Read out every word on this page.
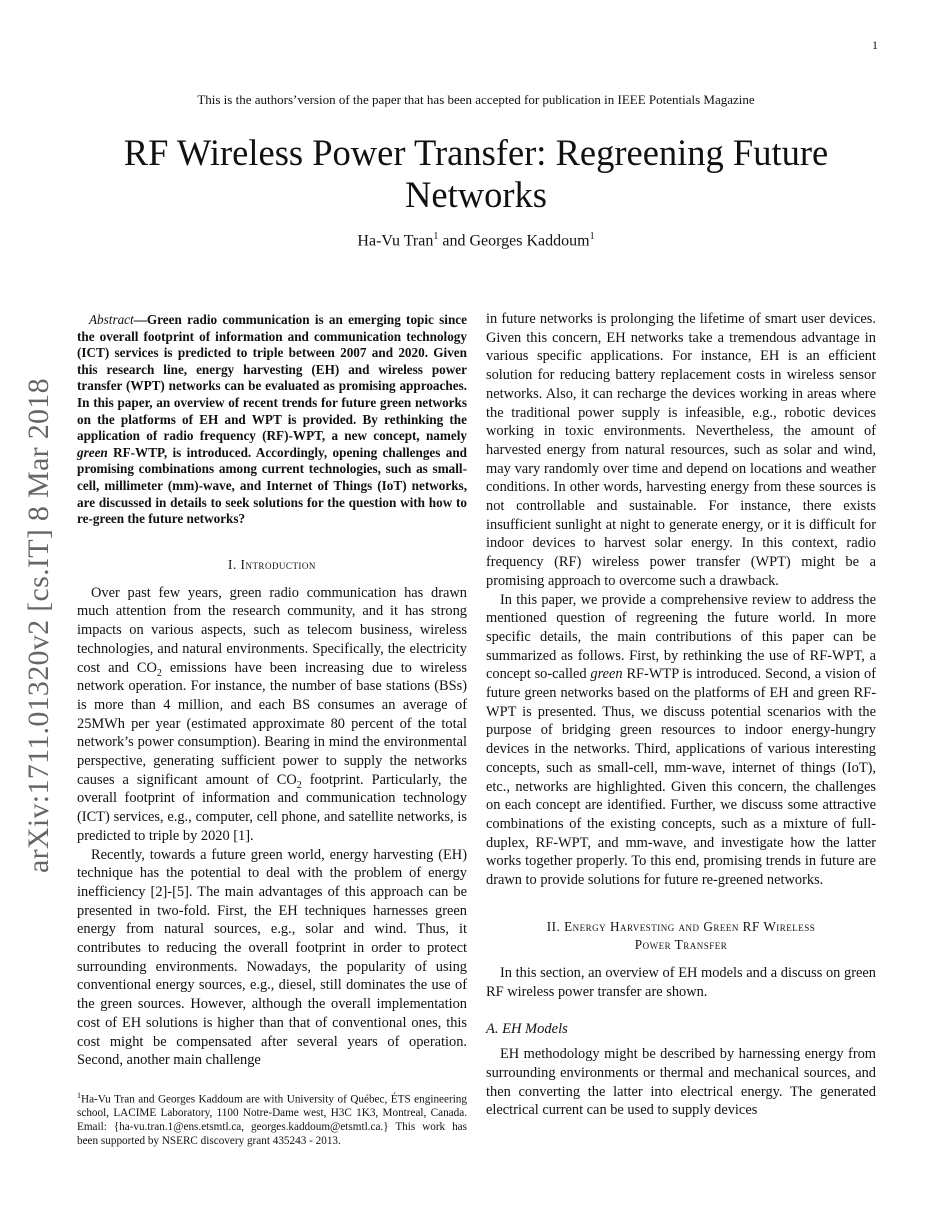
1
This is the authors’version of the paper that has been accepted for publication in IEEE Potentials Magazine
RF Wireless Power Transfer: Regreening Future Networks
Ha-Vu Tran$^1$ and Georges Kaddoum$^1$
arXiv:1711.01320v2 [cs.IT] 8 Mar 2018

Abstract—Green radio communication is an emerging topic since the overall footprint of information and communication technology (ICT) services is predicted to triple between 2007 and 2020. Given this research line, energy harvesting (EH) and wireless power transfer (WPT) networks can be evaluated as promising approaches. In this paper, an overview of recent trends for future green networks on the platforms of EH and WPT is provided. By rethinking the application of radio frequency (RF)-WPT, a new concept, namely green RF-WTP, is introduced. Accordingly, opening challenges and promising combinations among current technologies, such as small-cell, millimeter (mm)-wave, and Internet of Things (IoT) networks, are discussed in details to seek solutions for the question with how to re-green the future networks?

I. Introduction

Over past few years, green radio communication has drawn much attention from the research community, and it has strong impacts on various aspects, such as telecom business, wireless technologies, and natural environments. Specifically, the electricity cost and $CO_2$ emissions have been increasing due to wireless network operation. For instance, the number of base stations (BSs) is more than 4 million, and each BS consumes an average of 25MWh per year (estimated approximate 80 percent of the total network’s power consumption). Bearing in mind the environmental perspective, generating sufficient power to supply the networks causes a significant amount of $CO_2$ footprint. Particularly, the overall footprint of information and communication technology (ICT) services, e.g., computer, cell phone, and satellite networks, is predicted to triple by 2020 [1].

Recently, towards a future green world, energy harvesting (EH) technique has the potential to deal with the problem of energy inefficiency [2]-[5]. The main advantages of this approach can be presented in two-fold. First, the EH techniques harnesses green energy from natural sources, e.g., solar and wind. Thus, it contributes to reducing the overall footprint in order to protect surrounding environments. Nowadays, the popularity of using conventional energy sources, e.g., diesel, still dominates the use of the green sources. However, although the overall implementation cost of EH solutions is higher than that of conventional ones, this cost might be compensated after several years of operation. Second, another main challenge

in future networks is prolonging the lifetime of smart user devices. Given this concern, EH networks take a tremendous advantage in various specific applications. For instance, EH is an efficient solution for reducing battery replacement costs in wireless sensor networks. Also, it can recharge the devices working in areas where the traditional power supply is infeasible, e.g., robotic devices working in toxic environments. Nevertheless, the amount of harvested energy from natural resources, such as solar and wind, may vary randomly over time and depend on locations and weather conditions. In other words, harvesting energy from these sources is not controllable and sustainable. For instance, there exists insufficient sunlight at night to generate energy, or it is difficult for indoor devices to harvest solar energy. In this context, radio frequency (RF) wireless power transfer (WPT) might be a promising approach to overcome such a drawback.

In this paper, we provide a comprehensive review to address the mentioned question of regreening the future world. In more specific details, the main contributions of this paper can be summarized as follows. First, by rethinking the use of RF-WPT, a concept so-called green RF-WTP is introduced. Second, a vision of future green networks based on the platforms of EH and green RF-WPT is presented. Thus, we discuss potential scenarios with the purpose of bridging green resources to indoor energy-hungry devices in the networks. Third, applications of various interesting concepts, such as small-cell, mm-wave, internet of things (IoT), etc., networks are highlighted. Given this concern, the challenges on each concept are identified. Further, we discuss some attractive combinations of the existing concepts, such as a mixture of full-duplex, RF-WPT, and mm-wave, and investigate how the latter works together properly. To this end, promising trends in future are drawn to provide solutions for future re-greened networks.

II. Energy Harvesting and Green RF Wireless
Power Transfer

In this section, an overview of EH models and a discuss on green RF wireless power transfer are shown.

A. EH Models

EH methodology might be described by harnessing energy from surrounding environments or thermal and mechanical sources, and then converting the latter into electrical energy. The generated electrical current can be used to supply devices

$^1$Ha-Vu Tran and Georges Kaddoum are with University of Québec, ÉTS engineering school, LACIME Laboratory, 1100 Notre-Dame west, H3C 1K3, Montreal, Canada. Email: {ha-vu.tran.1@ens.etsmtl.ca, georges.kaddoum@etsmtl.ca.} This work has been supported by NSERC discovery grant 435243 - 2013.
